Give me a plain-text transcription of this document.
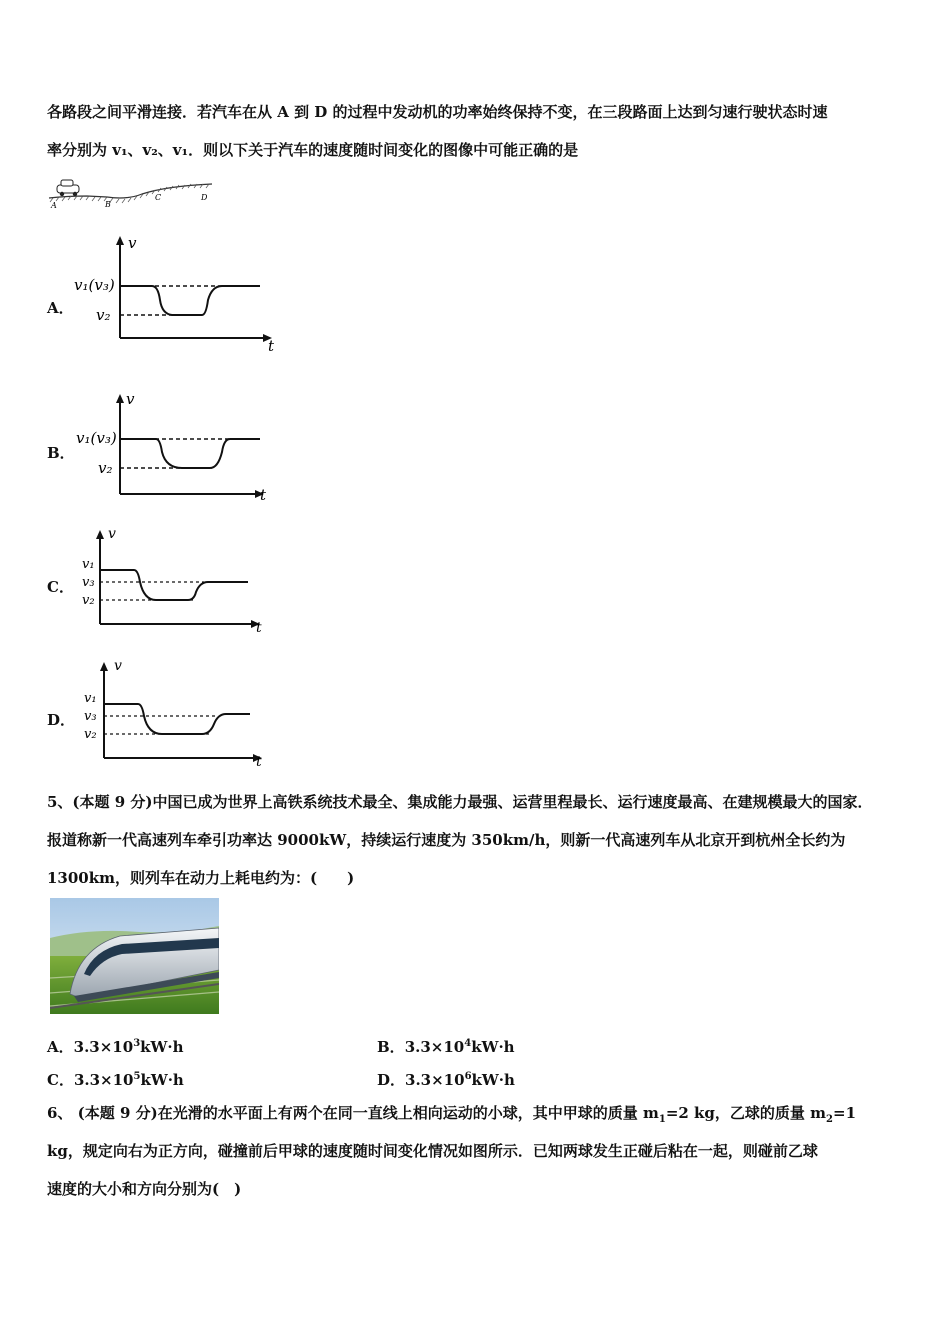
各路段之间平滑连接．若汽车在从 A 到 D 的过程中发动机的功率始终保持不变，在三段路面上达到匀速行驶状态时速
率分别为 v₁、v₂、v₁．则以下关于汽车的速度随时间变化的图像中可能正确的是
A	B
C	D
A．
v₁(v₃)
v₂
v
t
B．
v₁(v₃)
v₂
v
t
C．
v₁
v₃
v₂
v
t
D．
v₁
v₃
v₂
v
t
5、(本题 9 分)中国已成为世界上高铁系统技术最全、集成能力最强、运营里程最长、运行速度最高、在建规模最大的国家．
报道称新一代高速列车牵引功率达 9000kW，持续运行速度为 350km/h，则新一代高速列车从北京开到杭州全长约为
1300km，则列车在动力上耗电约为：(　　)
A．$3.3\times 10^3kW\cdot h$	B．$3.3\times 10^4kW\cdot h$
C．$3.3\times 10^5kW\cdot h$	D．$3.3\times 10^6kW\cdot h$
6、 (本题 9 分)在光滑的水平面上有两个在同一直线上相向运动的小球，其中甲球的质量 $m_1=2$ kg，乙球的质量 $m_2=1$
kg，规定向右为正方向，碰撞前后甲球的速度随时间变化情况如图所示．已知两球发生正碰后粘在一起，则碰前乙球
速度的大小和方向分别为(　)
